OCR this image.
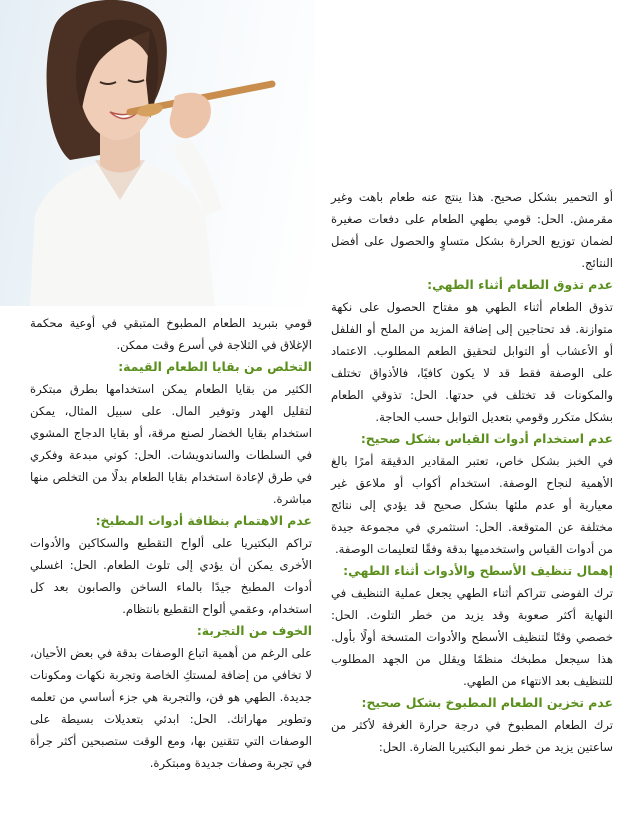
أو التحمير بشكل صحيح. هذا ينتج عنه طعام باهت وغير مقرمش. الحل: قومي بطهي الطعام على دفعات صغيرة لضمان توزيع الحرارة بشكل متساوٍ والحصول على أفضل النتائج.

عدم تذوق الطعام أثناء الطهي:

تذوق الطعام أثناء الطهي هو مفتاح الحصول على نكهة متوازنة. قد تحتاجين إلى إضافة المزيد من الملح أو الفلفل أو الأعشاب أو التوابل لتحقيق الطعم المطلوب. الاعتماد على الوصفة فقط قد لا يكون كافيًا، فالأذواق تختلف والمكونات قد تختلف في حدتها. الحل: تذوقي الطعام بشكل متكرر وقومي بتعديل التوابل حسب الحاجة.

عدم استخدام أدوات القياس بشكل صحيح:

في الخبز بشكل خاص، تعتبر المقادير الدقيقة أمرًا بالغ الأهمية لنجاح الوصفة. استخدام أكواب أو ملاعق غير معيارية أو عدم ملئها بشكل صحيح قد يؤدي إلى نتائج مختلفة عن المتوقعة. الحل: استثمري في مجموعة جيدة من أدوات القياس واستخدميها بدقة وفقًا لتعليمات الوصفة.

إهمال تنظيف الأسطح والأدوات أثناء الطهي:

ترك الفوضى تتراكم أثناء الطهي يجعل عملية التنظيف في النهاية أكثر صعوبة وقد يزيد من خطر التلوث. الحل: خصصي وقتًا لتنظيف الأسطح والأدوات المتسخة أولًا بأول. هذا سيجعل مطبخك منظمًا ويقلل من الجهد المطلوب للتنظيف بعد الانتهاء من الطهي.

عدم تخزين الطعام المطبوخ بشكل صحيح:

ترك الطعام المطبوخ في درجة حرارة الغرفة لأكثر من ساعتين يزيد من خطر نمو البكتيريا الضارة. الحل:

قومي بتبريد الطعام المطبوخ المتبقي في أوعية محكمة الإغلاق في الثلاجة في أسرع وقت ممكن.

التخلص من بقايا الطعام القيمة:

الكثير من بقايا الطعام يمكن استخدامها بطرق مبتكرة لتقليل الهدر وتوفير المال. على سبيل المثال، يمكن استخدام بقايا الخضار لصنع مرقة، أو بقايا الدجاج المشوي في السلطات والساندويشات. الحل: كوني مبدعة وفكري في طرق لإعادة استخدام بقايا الطعام بدلًا من التخلص منها مباشرة.

عدم الاهتمام بنظافة أدوات المطبخ:

تراكم البكتيريا على ألواح التقطيع والسكاكين والأدوات الأخرى يمكن أن يؤدي إلى تلوث الطعام. الحل: اغسلي أدوات المطبخ جيدًا بالماء الساخن والصابون بعد كل استخدام، وعقمي ألواح التقطيع بانتظام.

الخوف من التجربة:

على الرغم من أهمية اتباع الوصفات بدقة في بعض الأحيان، لا تخافي من إضافة لمستكِ الخاصة وتجربة نكهات ومكونات جديدة. الطهي هو فن، والتجربة هي جزء أساسي من تعلمه وتطوير مهاراتك. الحل: ابدئي بتعديلات بسيطة على الوصفات التي تتقنين بها، ومع الوقت ستصبحين أكثر جرأة في تجربة وصفات جديدة ومبتكرة.
